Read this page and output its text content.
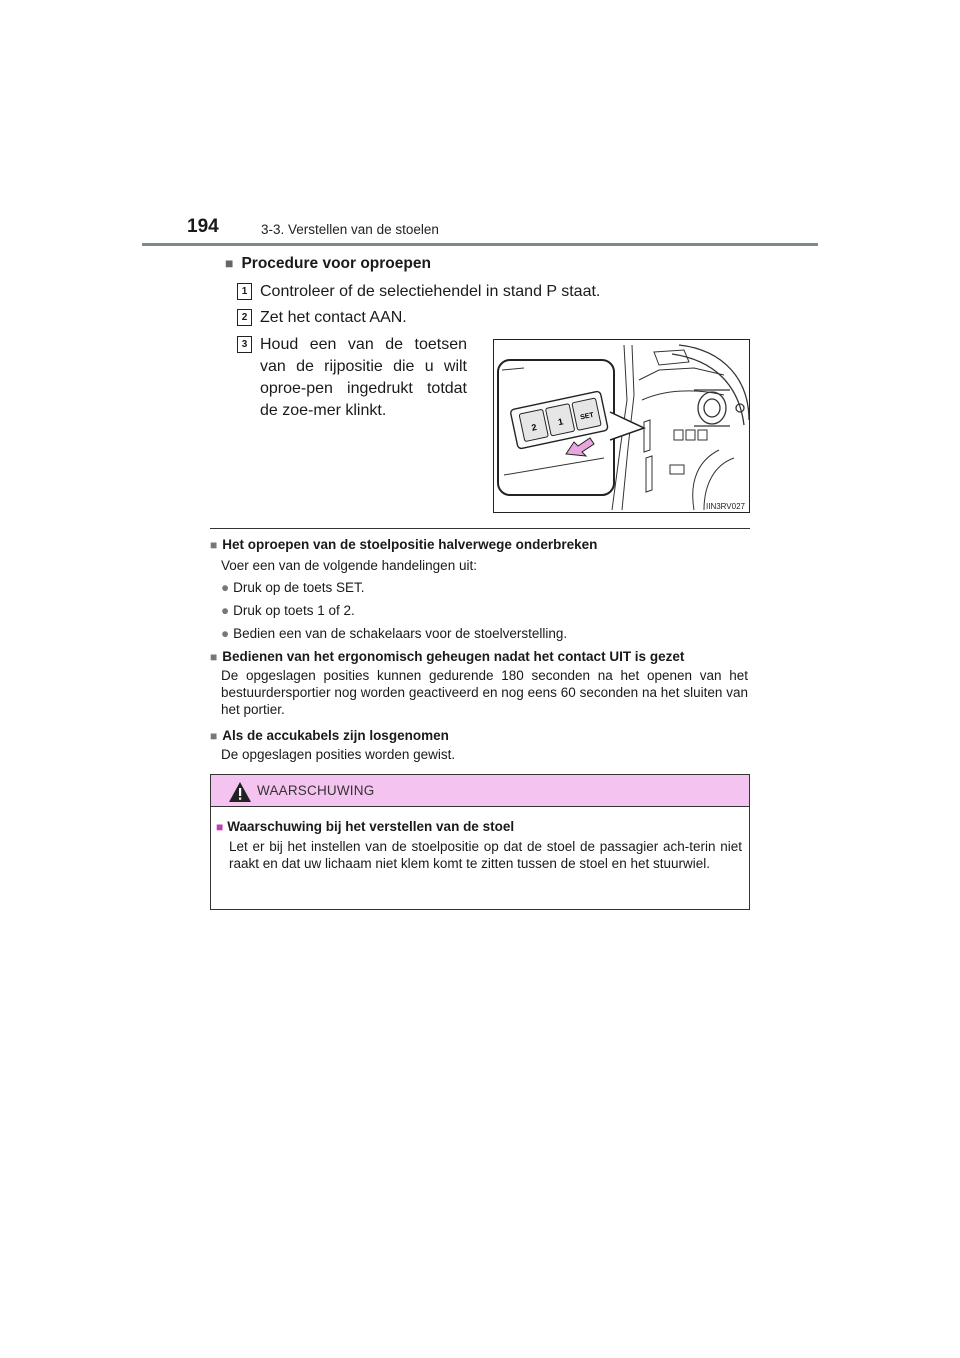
194	3-3. Verstellen van de stoelen
■ Procedure voor oproepen
1 Controleer of de selectiehendel in stand P staat.
2 Zet het contact AAN.
3 Houd een van de toetsen van de rijpositie die u wilt oproe-pen ingedrukt totdat de zoe-mer klinkt.
2
1 SET
IIN3RV027
■ Het oproepen van de stoelpositie halverwege onderbreken
Voer een van de volgende handelingen uit:
● Druk op de toets SET.
● Druk op toets 1 of 2.
● Bedien een van de schakelaars voor de stoelverstelling.
■ Bedienen van het ergonomisch geheugen nadat het contact UIT is gezet
De opgeslagen posities kunnen gedurende 180 seconden na het openen van het bestuurdersportier nog worden geactiveerd en nog eens 60 seconden na het sluiten van het portier.
■ Als de accukabels zijn losgenomen
De opgeslagen posities worden gewist.
WAARSCHUWING
■ Waarschuwing bij het verstellen van de stoel
Let er bij het instellen van de stoelpositie op dat de stoel de passagier ach-terin niet raakt en dat uw lichaam niet klem komt te zitten tussen de stoel en het stuurwiel.
